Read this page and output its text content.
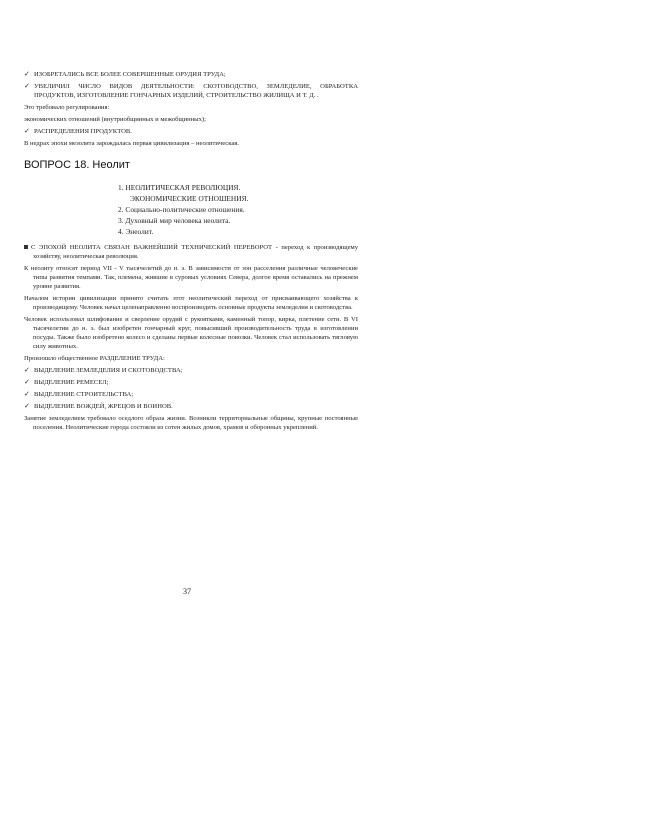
✓ ИЗОБРЕТАЛИСЬ ВСЕ БОЛЕЕ СОВЕРШЕННЫЕ ОРУДИЯ ТРУДА;
✓ УВЕЛИЧИЛ ЧИСЛО ВИДОВ ДЕЯТЕЛЬНОСТИ: СКОТОВОДСТВО, ЗЕМЛЕДЕЛИЕ, ОБРАБОТКА ПРОДУКТОВ, ИЗГОТОВЛЕНИЕ ГОНЧАРНЫХ ИЗДЕЛИЙ, СТРОИТЕЛЬСТВО ЖИЛИЩА И Т. Д. .

Это требовало регулирования:

экономических отношений (внутриобщинных и межобщинных);

✓ РАСПРЕДЕЛЕНИЯ ПРОДУКТОВ.

В недрах эпохи мезолита зарождалась первая цивилизация – неолитическая.

ВОПРОС 18. Неолит
1. НЕОЛИТИЧЕСКАЯ РЕВОЛЮЦИЯ.
ЭКОНОМИЧЕСКИЕ ОТНОШЕНИЯ.
2. Социально-политические отношения.
3. Духовный мир человека неолита.
4. Энеолит.

С ЭПОХОЙ НЕОЛИТА СВЯЗАН ВАЖНЕЙШИЙ ТЕХНИЧЕСКИЙ ПЕРЕВОРОТ - переход к производящему хозяйству, неолитическая революция.

К неолиту относят период VII - V тысячелетий до н. э. В зависимости от зон расселения различные человеческие типы развития темпами. Так, племена, жившие в суровых условиях Севера, долгое время оставались на прежнем уровне развития.

Началом истории цивилизации принято считать этот неолитический переход от присваивающего хозяйства к производящему. Человек начал целенаправленно воспроизводить основные продукты земледелия и скотоводства.

Человек использовал шлифование и сверление орудий с рукоятками, каменный топор, кирка, плетение сети. В VI тысячелетии до н. э. был изобретен гончарный круг, повысивший производительность труда в изготовлении посуды. Также было изобретено колесо и сделаны первые колесные повозки. Человек стал использовать тягловую силу животных.

Произошло общественное РАЗДЕЛЕНИЕ ТРУДА:

✓ ВЫДЕЛЕНИЕ ЗЕМЛЕДЕЛИЯ И СКОТОВОДСТВА;
✓ ВЫДЕЛЕНИЕ РЕМЕСЕЛ;
✓ ВЫДЕЛЕНИЕ СТРОИТЕЛЬСТВА;
✓ ВЫДЕЛЕНИЕ ВОЖДЕЙ, ЖРЕЦОВ И ВОИНОВ.

Занятие земледелием требовало оседлого образа жизни. Возникли территориальные общины, крупные постоянные поселения. Неолитические города состояли из сотен жилых домов, храмов и оборонных укреплений.

37
